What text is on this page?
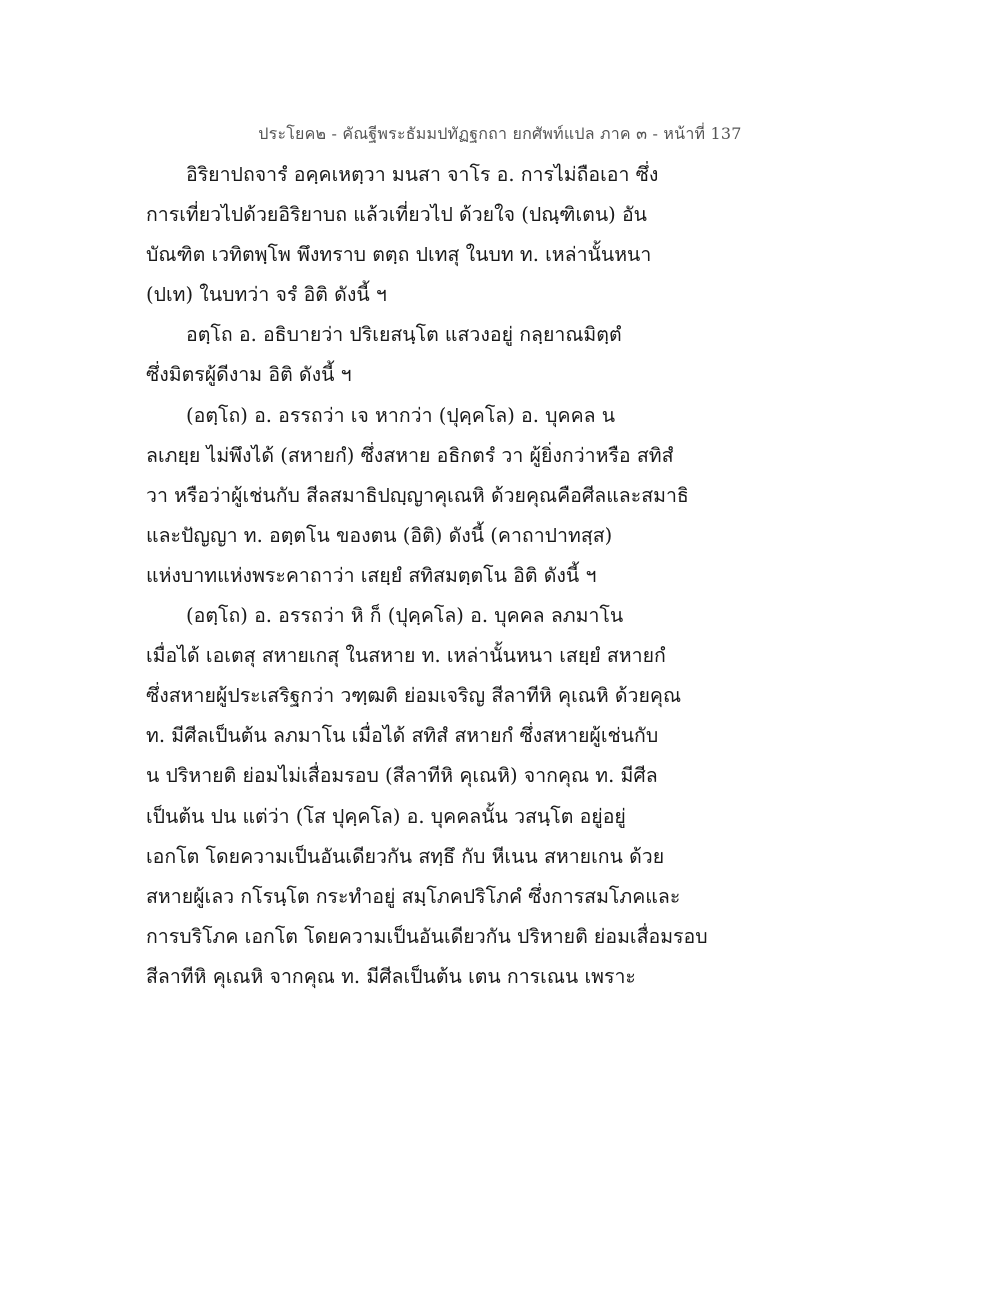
ประโยค๒ - คัณฐีพระธัมมปทัฏฐกถา ยกศัพท์แปล ภาค ๓ - หน้าที่ 137
อิริยาปถจารํ อคฺคเหตฺวา มนสา จาโร อ. การไม่ถือเอา ซึ่ง
การเที่ยวไปด้วยอิริยาบถ แล้วเที่ยวไป ด้วยใจ (ปณฺฑิเตน) อัน
บัณฑิต เวทิตพฺโพ พึงทราบ ตตฺถ ปเทสุ ในบท ท. เหล่านั้นหนา
(ปเท) ในบทว่า จรํ อิติ ดังนี้ ฯ
อตฺโถ อ. อธิบายว่า ปริเยสนฺโต แสวงอยู่ กลฺยาณมิตฺตํ
ซึ่งมิตรผู้ดีงาม อิติ ดังนี้ ฯ
(อตฺโถ) อ. อรรถว่า เจ หากว่า (ปุคฺคโล) อ. บุคคล น
ลเภยฺย ไม่พึงได้ (สหายกํ) ซึ่งสหาย อธิกตรํ วา ผู้ยิ่งกว่าหรือ สทิสํ
วา หรือว่าผู้เช่นกับ สีลสมาธิปญฺญาคุเณหิ ด้วยคุณคือศีลและสมาธิ
และปัญญา ท. อตฺตโน ของตน (อิติ) ดังนี้ (คาถาปาทสฺส)
แห่งบาทแห่งพระคาถาว่า เสยฺยํ สทิสมตฺตโน อิติ ดังนี้ ฯ
(อตฺโถ) อ. อรรถว่า หิ ก็ (ปุคฺคโล) อ. บุคคล ลภมาโน
เมื่อได้ เอเตสุ สหายเกสุ ในสหาย ท. เหล่านั้นหนา เสยฺยํ สหายกํ
ซึ่งสหายผู้ประเสริฐกว่า วฑฺฒติ ย่อมเจริญ สีลาทีหิ คุเณหิ ด้วยคุณ
ท. มีศีลเป็นต้น ลภมาโน เมื่อได้ สทิสํ สหายกํ ซึ่งสหายผู้เช่นกับ
น ปริหายติ ย่อมไม่เสื่อมรอบ (สีลาทีหิ คุเณหิ) จากคุณ ท. มีศีล
เป็นต้น ปน แต่ว่า (โส ปุคฺคโล) อ. บุคคลนั้น วสนฺโต อยู่อยู่
เอกโต โดยความเป็นอันเดียวกัน สทฺธึ กับ หีเนน สหายเกน ด้วย
สหายผู้เลว กโรนฺโต กระทำอยู่ สมฺโภคปริโภคํ ซึ่งการสมโภคและ
การบริโภค เอกโต โดยความเป็นอันเดียวกัน ปริหายติ ย่อมเสื่อมรอบ
สีลาทีหิ คุเณหิ จากคุณ ท. มีศีลเป็นต้น เตน การเณน เพราะ
